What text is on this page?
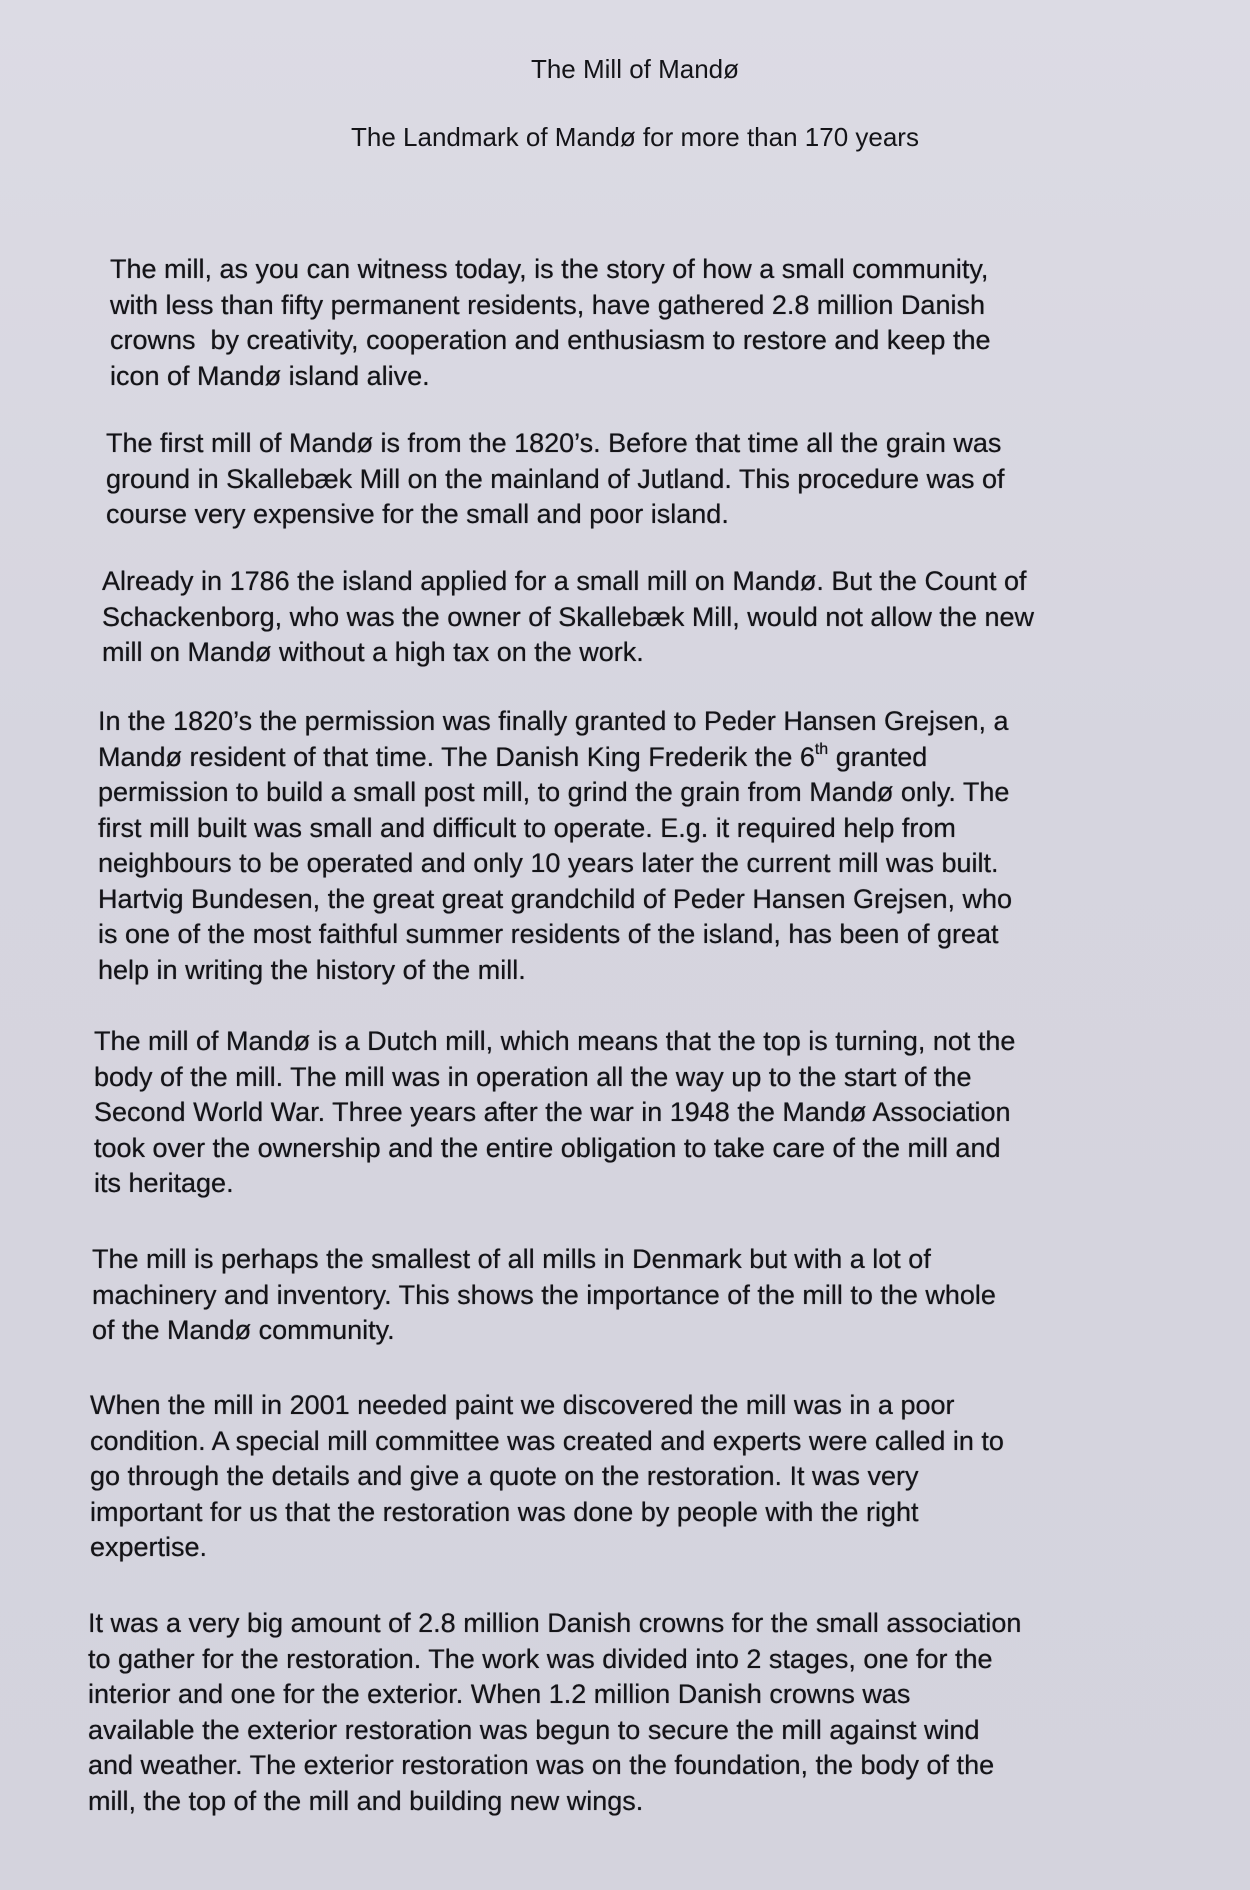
The Mill of Mandø
The Landmark of Mandø for more than 170 years

The mill, as you can witness today, is the story of how a small community,
with less than fifty permanent residents, have gathered 2.8 million Danish
crowns  by creativity, cooperation and enthusiasm to restore and keep the
icon of Mandø island alive.

The first mill of Mandø is from the 1820’s. Before that time all the grain was
ground in Skallebæk Mill on the mainland of Jutland. This procedure was of
course very expensive for the small and poor island.

Already in 1786 the island applied for a small mill on Mandø. But the Count of
Schackenborg, who was the owner of Skallebæk Mill, would not allow the new
mill on Mandø without a high tax on the work.

In the 1820’s the permission was finally granted to Peder Hansen Grejsen, a
Mandø resident of that time. The Danish King Frederik the 6th granted
permission to build a small post mill, to grind the grain from Mandø only. The
first mill built was small and difficult to operate. E.g. it required help from
neighbours to be operated and only 10 years later the current mill was built.
Hartvig Bundesen, the great great grandchild of Peder Hansen Grejsen, who
is one of the most faithful summer residents of the island, has been of great
help in writing the history of the mill.

The mill of Mandø is a Dutch mill, which means that the top is turning, not the
body of the mill. The mill was in operation all the way up to the start of the
Second World War. Three years after the war in 1948 the Mandø Association
took over the ownership and the entire obligation to take care of the mill and
its heritage.

The mill is perhaps the smallest of all mills in Denmark but with a lot of
machinery and inventory. This shows the importance of the mill to the whole
of the Mandø community.

When the mill in 2001 needed paint we discovered the mill was in a poor
condition. A special mill committee was created and experts were called in to
go through the details and give a quote on the restoration. It was very
important for us that the restoration was done by people with the right
expertise.

It was a very big amount of 2.8 million Danish crowns for the small association
to gather for the restoration. The work was divided into 2 stages, one for the
interior and one for the exterior. When 1.2 million Danish crowns was
available the exterior restoration was begun to secure the mill against wind
and weather. The exterior restoration was on the foundation, the body of the
mill, the top of the mill and building new wings.
